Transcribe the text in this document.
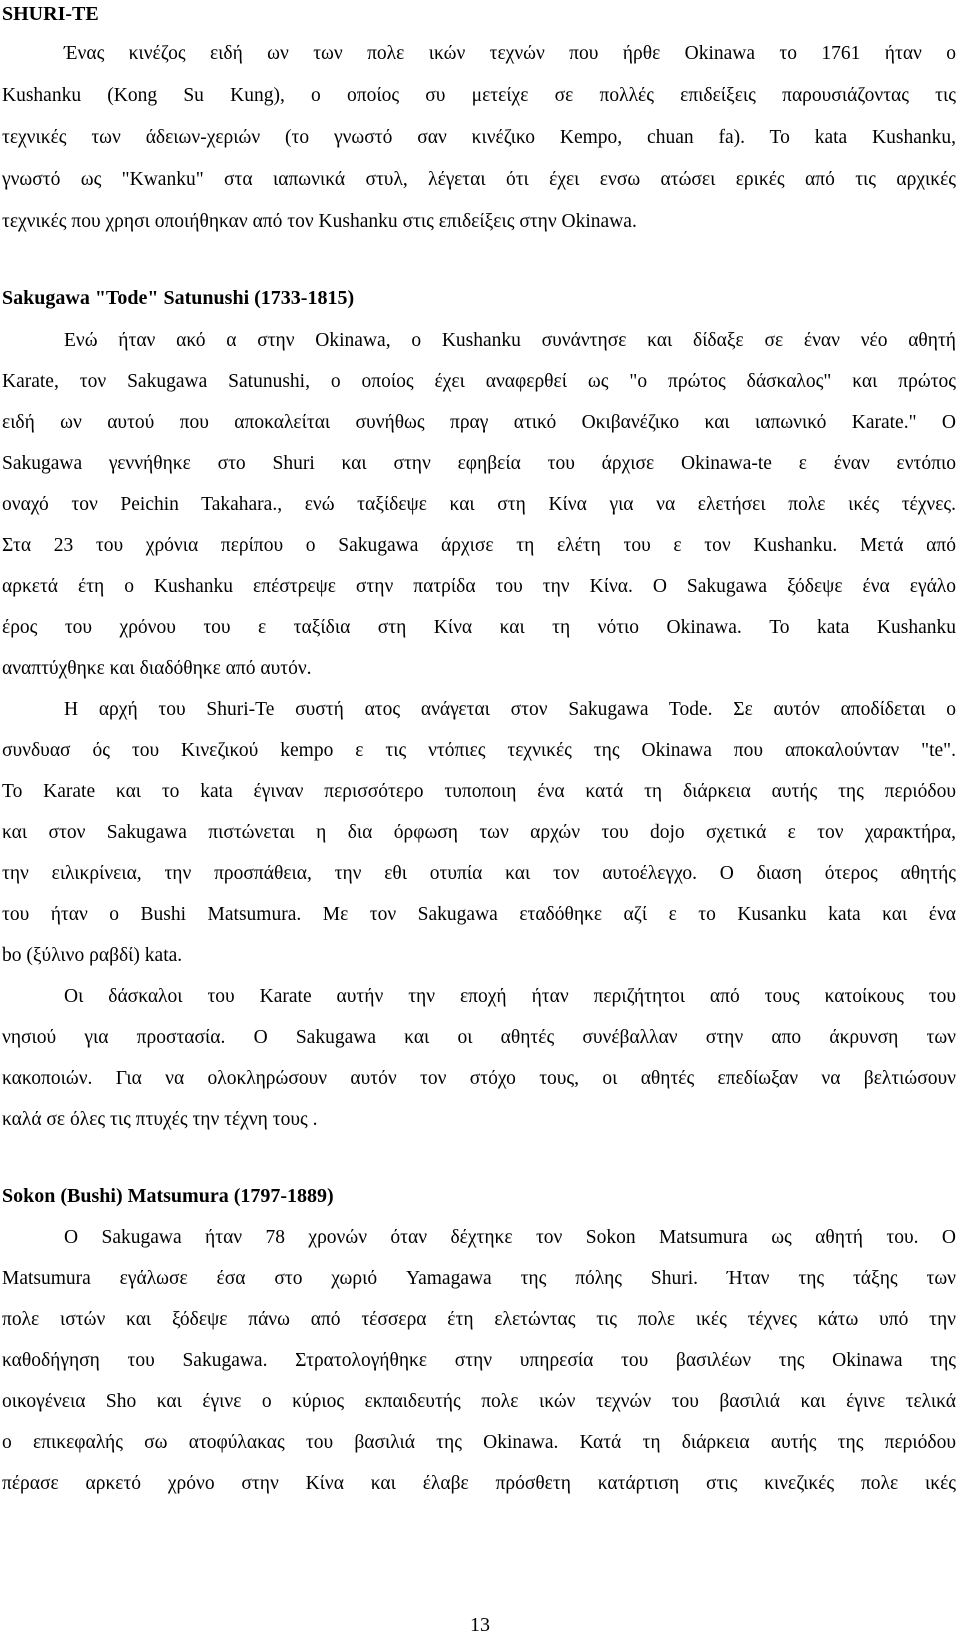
SHURI-TE

Ένας κινέζος ειδή ων των πολε ικών τεχνών που ήρθε Okinawa το 1761 ήταν ο

Kushanku (Kong Su Kung), ο οποίος συ μετείχε σε πολλές επιδείξεις παρουσιάζοντας τις

τεχνικές των άδειων-χεριών (το γνωστό σαν κινέζικο Kempo, chuan fa). Το kata Kushanku,

γνωστό ως "Kwanku" στα ιαπωνικά στυλ, λέγεται ότι έχει ενσω ατώσει ερικές από τις αρχικές

τεχνικές που χρησι οποιήθηκαν από τον Kushanku στις επιδείξεις στην Okinawa.

Sakugawa "Tode" Satunushi (1733-1815)

Ενώ ήταν ακό α στην Okinawa, ο Kushanku συνάντησε και δίδαξε σε έναν νέο αθητή

Karate, τον Sakugawa Satunushi, ο οποίος έχει αναφερθεί ως "ο πρώτος δάσκαλος" και πρώτος

ειδή ων αυτού που αποκαλείται συνήθως πραγ ατικό Οκιβανέζικο και ιαπωνικό Karate." Ο

Sakugawa γεννήθηκε στο Shuri και στην εφηβεία του άρχισε Okinawa-te ε έναν εντόπιο

οναχό τον Peichin Takahara., ενώ ταξίδεψε και στη Κίνα για να ελετήσει πολε ικές τέχνες.

Στα 23 του χρόνια περίπου ο Sakugawa άρχισε τη ελέτη του ε τον Kushanku. Μετά από

αρκετά έτη ο Kushanku επέστρεψε στην πατρίδα του την Κίνα. Ο Sakugawa ξόδεψε ένα εγάλο

έρος του χρόνου του ε ταξίδια στη Κίνα και τη νότιο Okinawa. Το kata Kushanku

αναπτύχθηκε και διαδόθηκε από αυτόν.

Η αρχή του Shuri-Te συστή ατος ανάγεται στον Sakugawa Tode. Σε αυτόν αποδίδεται ο

συνδυασ ός του Κινεζικού kempo ε τις ντόπιες τεχνικές της Okinawa που αποκαλούνταν "te".

Το Karate και το kata έγιναν περισσότερο τυποποιη ένα κατά τη διάρκεια αυτής της περιόδου

και στον Sakugawa πιστώνεται η δια όρφωση των αρχών του dojo σχετικά ε τον χαρακτήρα,

την ειλικρίνεια, την προσπάθεια, την εθι οτυπία και τον αυτοέλεγχο. Ο διαση ότερος αθητής

του ήταν ο Bushi Matsumura. Με τον Sakugawa εταδόθηκε αζί ε το Kusanku kata και ένα

bo (ξύλινο ραβδί) kata.

Οι δάσκαλοι του Karate αυτήν την εποχή ήταν περιζήτητοι από τους κατοίκους του

νησιού για προστασία. Ο Sakugawa και οι αθητές συνέβαλλαν στην απο άκρυνση των

κακοποιών. Για να ολοκληρώσουν αυτόν τον στόχο τους, οι αθητές επεδίωξαν να βελτιώσουν

καλά σε όλες τις πτυχές την τέχνη τους .

Sokon (Bushi) Matsumura (1797-1889)

Ο Sakugawa ήταν 78 χρονών όταν δέχτηκε τον Sokon Matsumura ως αθητή του. Ο

Matsumura εγάλωσε έσα στο χωριό Yamagawa της πόλης Shuri. Ήταν της τάξης των

πολε ιστών και ξόδεψε πάνω από τέσσερα έτη ελετώντας τις πολε ικές τέχνες κάτω υπό την

καθοδήγηση του Sakugawa. Στρατολογήθηκε στην υπηρεσία του βασιλέων της Okinawa της

οικογένεια Sho και έγινε ο κύριος εκπαιδευτής πολε ικών τεχνών του βασιλιά και έγινε τελικά

ο επικεφαλής σω ατοφύλακας του βασιλιά της Okinawa. Κατά τη διάρκεια αυτής της περιόδου

πέρασε αρκετό χρόνο στην Κίνα και έλαβε πρόσθετη κατάρτιση στις κινεζικές πολε ικές

13
